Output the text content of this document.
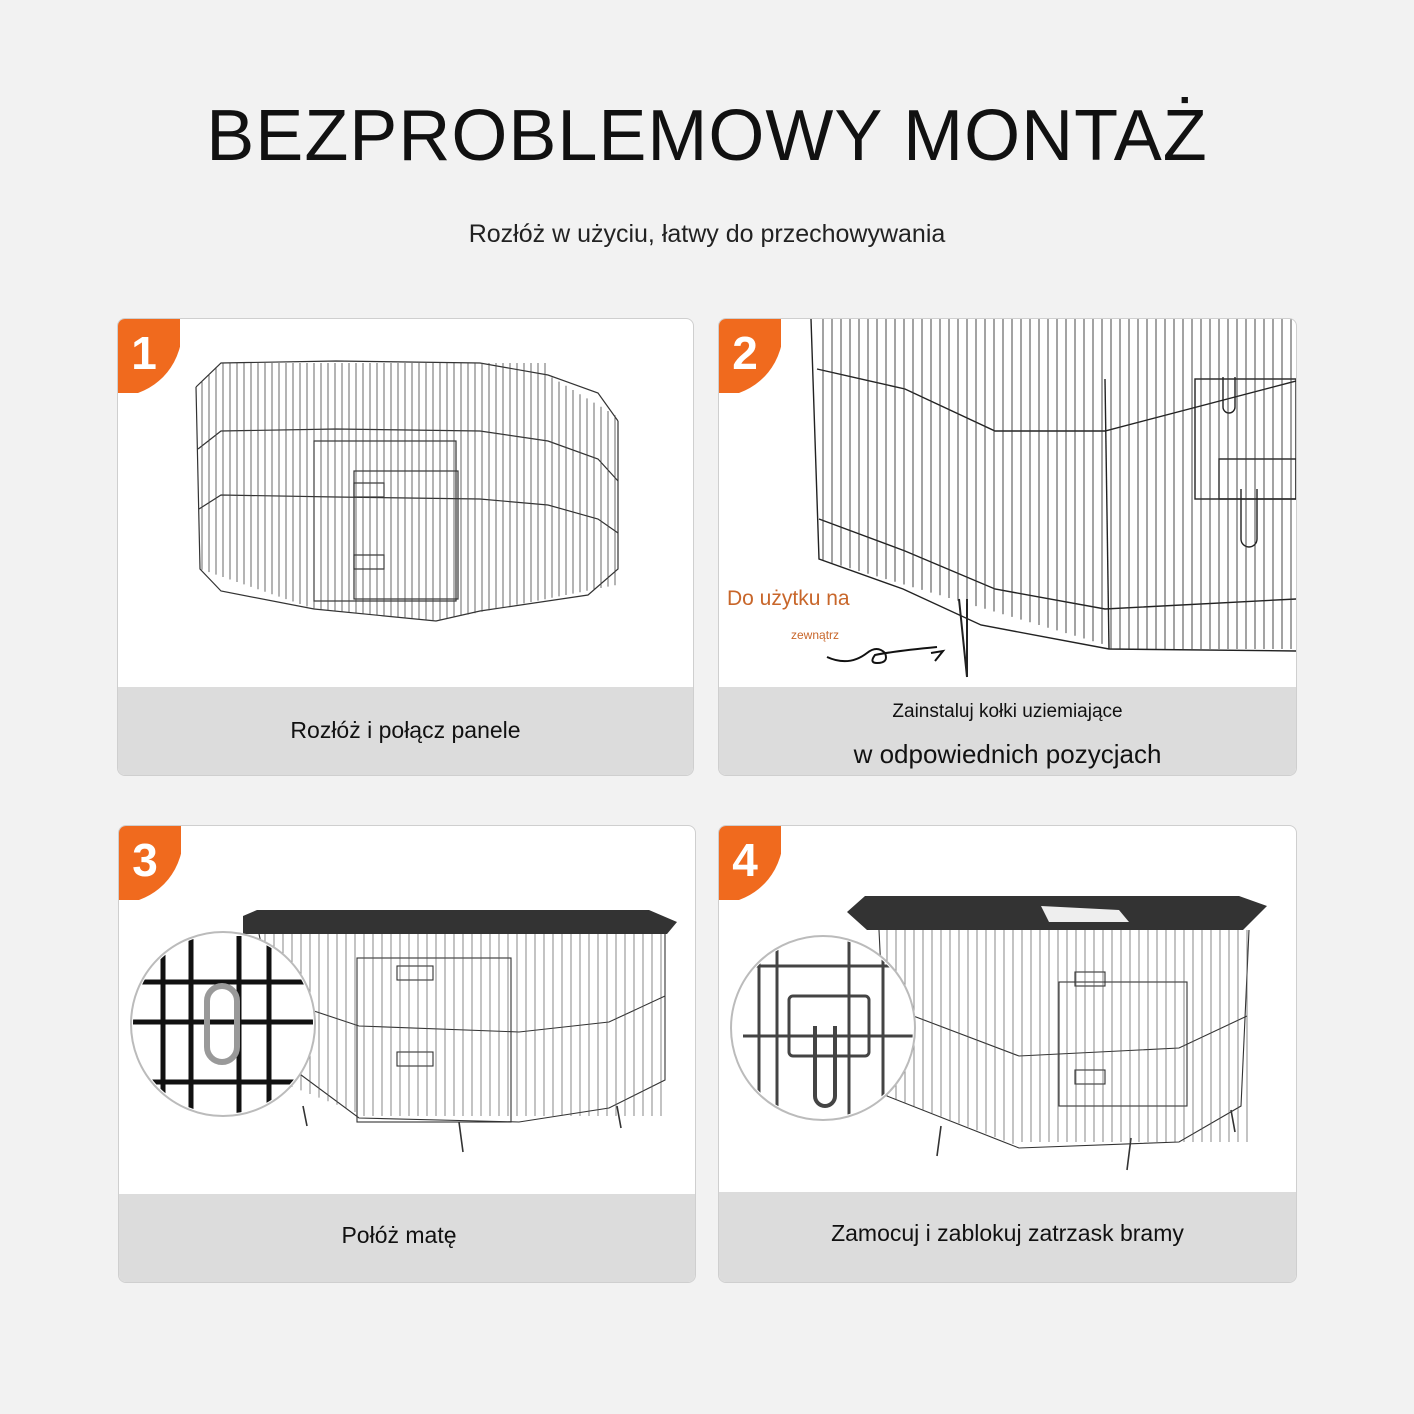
BEZPROBLEMOWY MONTAŻ
Rozłóż w użyciu, łatwy do przechowywania
Rozłóż i połącz panele
1
Do użytku na
zewnątrz
Zainstaluj kołki uziemiające
w odpowiednich pozycjach
2
Połóż matę
3
Zamocuj i zablokuj zatrzask bramy
4
